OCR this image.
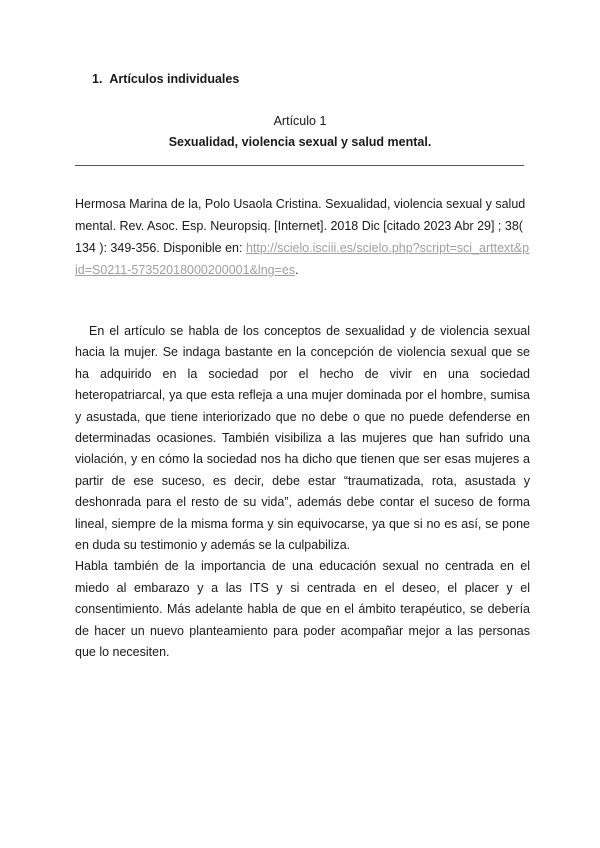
1. Artículos individuales
Artículo 1
Sexualidad, violencia sexual y salud mental.
Hermosa Marina de la, Polo Usaola Cristina. Sexualidad, violencia sexual y salud mental. Rev. Asoc. Esp. Neuropsiq. [Internet]. 2018 Dic [citado 2023 Abr 29] ; 38( 134 ): 349-356. Disponible en: http://scielo.isciii.es/scielo.php?script=sci_arttext&pid=S0211-57352018000200001&lng=es.

En el artículo se habla de los conceptos de sexualidad y de violencia sexual hacia la mujer. Se indaga bastante en la concepción de violencia sexual que se ha adquirido en la sociedad por el hecho de vivir en una sociedad heteropatriarcal, ya que esta refleja a una mujer dominada por el hombre, sumisa y asustada, que tiene interiorizado que no debe o que no puede defenderse en determinadas ocasiones. También visibiliza a las mujeres que han sufrido una violación, y en cómo la sociedad nos ha dicho que tienen que ser esas mujeres a partir de ese suceso, es decir, debe estar “traumatizada, rota, asustada y deshonrada para el resto de su vida”, además debe contar el suceso de forma lineal, siempre de la misma forma y sin equivocarse, ya que si no es así, se pone en duda su testimonio y además se la culpabiliza.

Habla también de la importancia de una educación sexual no centrada en el miedo al embarazo y a las ITS y si centrada en el deseo, el placer y el consentimiento. Más adelante habla de que en el ámbito terapéutico, se debería de hacer un nuevo planteamiento para poder acompañar mejor a las personas que lo necesiten.
